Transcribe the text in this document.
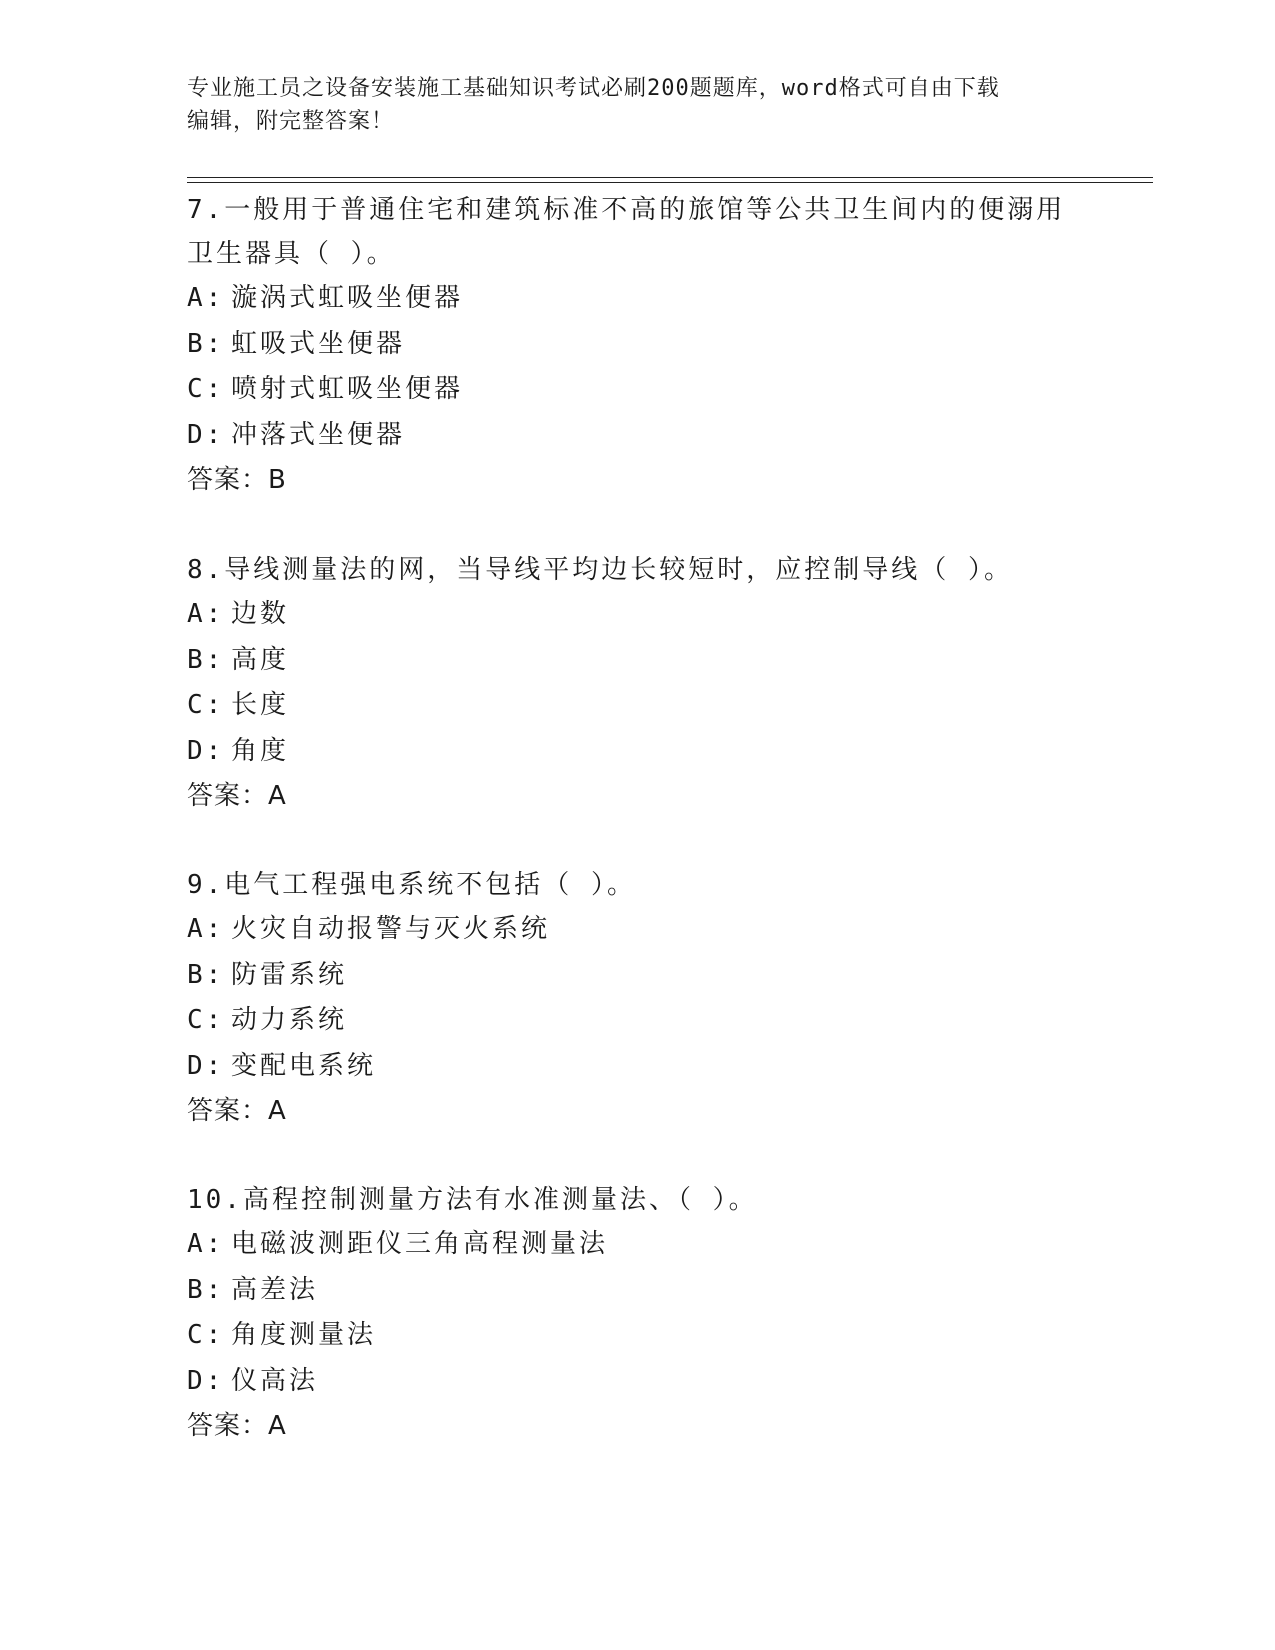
专业施工员之设备安装施工基础知识考试必刷200题题库，word格式可自由下载
编辑，附完整答案！
7.一般用于普通住宅和建筑标准不高的旅馆等公共卫生间内的便溺用
卫生器具（ ）。
A: 漩涡式虹吸坐便器
B: 虹吸式坐便器
C: 喷射式虹吸坐便器
D: 冲落式坐便器
答案：B
8.导线测量法的网，当导线平均边长较短时，应控制导线（ ）。
A: 边数
B: 高度
C: 长度
D: 角度
答案：A
9.电气工程强电系统不包括（ ）。
A: 火灾自动报警与灭火系统
B: 防雷系统
C: 动力系统
D: 变配电系统
答案：A
10.高程控制测量方法有水准测量法、（ ）。
A: 电磁波测距仪三角高程测量法
B: 高差法
C: 角度测量法
D: 仪高法
答案：A
